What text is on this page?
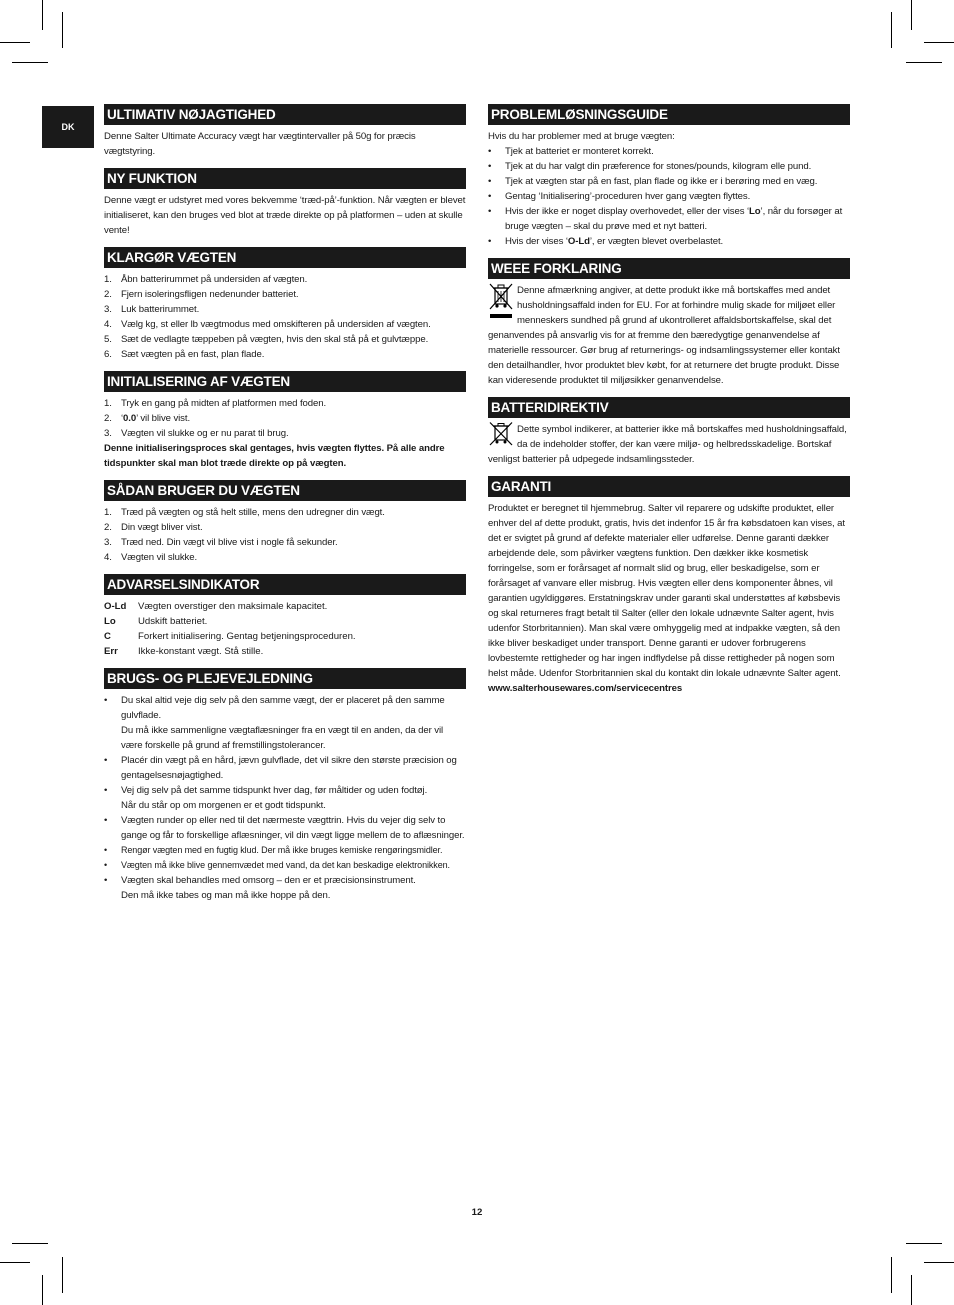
DK
ULTIMATIV NØJAGTIGHED

Denne Salter Ultimate Accuracy vægt har vægtintervaller på 50g for præcis vægtstyring.

NY FUNKTION

Denne vægt er udstyret med vores bekvemme ‘træd-på’-funktion. Når vægten er blevet initialiseret, kan den bruges ved blot at træde direkte op på platformen – uden at skulle vente!

KLARGØR VÆGTEN
1. Åbn batterirummet på undersiden af vægten.
2. Fjern isoleringsfligen nedenunder batteriet.
3. Luk batterirummet.
4. Vælg kg, st eller lb vægtmodus med omskifteren på undersiden af vægten.
5. Sæt de vedlagte tæppeben på vægten, hvis den skal stå på et gulvtæppe.
6. Sæt vægten på en fast, plan flade.
INITIALISERING AF VÆGTEN
1. Tryk en gang på midten af platformen med foden.
2. ‘0.0’ vil blive vist.
3. Vægten vil slukke og er nu parat til brug.

Denne initialiseringsproces skal gentages, hvis vægten flyttes. På alle andre tidspunkter skal man blot træde direkte op på vægten.

SÅDAN BRUGER DU VÆGTEN
1. Træd på vægten og stå helt stille, mens den udregner din vægt.
2. Din vægt bliver vist.
3. Træd ned. Din vægt vil blive vist i nogle få sekunder.
4. Vægten vil slukke.
ADVARSELSINDIKATOR
O-Ld	Vægten overstiger den maksimale kapacitet.
Lo	Udskift batteriet.
C	Forkert initialisering. Gentag betjeningsproceduren.
Err	Ikke-konstant vægt. Stå stille.
BRUGS- OG PLEJEVEJLEDNING
• Du skal altid veje dig selv på den samme vægt, der er placeret på den samme gulvflade.
Du må ikke sammenligne vægtaflæsninger fra en vægt til en anden, da der vil være forskelle på grund af fremstillingstolerancer.
• Placér din vægt på en hård, jævn gulvflade, det vil sikre den største præcision og gentagelsesnøjagtighed.
• Vej dig selv på det samme tidspunkt hver dag, før måltider og uden fodtøj.
Når du står op om morgenen er et godt tidspunkt.
• Vægten runder op eller ned til det nærmeste vægttrin. Hvis du vejer dig selv to gange og får to forskellige aflæsninger, vil din vægt ligge mellem de to aflæsninger.
• Rengør vægten med en fugtig klud. Der må ikke bruges kemiske rengøringsmidler.
• Vægten må ikke blive gennemvædet med vand, da det kan beskadige elektronikken.
• Vægten skal behandles med omsorg – den er et præcisionsinstrument.
Den må ikke tabes og man må ikke hoppe på den.
PROBLEMLØSNINGSGUIDE

Hvis du har problemer med at bruge vægten:

• Tjek at batteriet er monteret korrekt.
• Tjek at du har valgt din præference for stones/pounds, kilogram elle pund.
• Tjek at vægten star på en fast, plan flade og ikke er i berøring med en væg.
• Gentag ‘Initialisering’-proceduren hver gang vægten flyttes.
• Hvis der ikke er noget display overhovedet, eller der vises ‘Lo’, når du forsøger at bruge vægten – skal du prøve med et nyt batteri.
• Hvis der vises ‘O-Ld’, er vægten blevet overbelastet.
WEEE FORKLARING
Denne afmærkning angiver, at dette produkt ikke må bortskaffes med andet husholdningsaffald inden for EU. For at forhindre mulig skade for miljøet eller menneskers sundhed på grund af ukontrolleret affaldsbortskaffelse, skal det genanvendes på ansvarlig vis for at fremme den bæredygtige genanvendelse af materielle ressourcer. Gør brug af returnerings- og indsamlingssystemer eller kontakt den detailhandler, hvor produktet blev købt, for at returnere det brugte produkt. Disse kan videresende produktet til miljøsikker genanvendelse.
BATTERIDIREKTIV
Dette symbol indikerer, at batterier ikke må bortskaffes med husholdningsaffald, da de indeholder stoffer, der kan være miljø- og helbredsskadelige. Bortskaf venligst batterier på udpegede indsamlingssteder.
GARANTI

Produktet er beregnet til hjemmebrug. Salter vil reparere og udskifte produktet, eller enhver del af dette produkt, gratis, hvis det indenfor 15 år fra købsdatoen kan vises, at det er svigtet på grund af defekte materialer eller udførelse. Denne garanti dækker arbejdende dele, som påvirker vægtens funktion. Den dækker ikke kosmetisk forringelse, som er forårsaget af normalt slid og brug, eller beskadigelse, som er forårsaget af vanvare eller misbrug. Hvis vægten eller dens komponenter åbnes, vil garantien ugyldiggøres. Erstatningskrav under garanti skal understøttes af købsbevis og skal returneres fragt betalt til Salter (eller den lokale udnævnte Salter agent, hvis udenfor Storbritannien). Man skal være omhyggelig med at indpakke vægten, så den ikke bliver beskadiget under transport. Denne garanti er udover forbrugerens lovbestemte rettigheder og har ingen indflydelse på disse rettigheder på nogen som helst måde. Udenfor Storbritannien skal du kontakt din lokale udnævnte Salter agent.

www.salterhousewares.com/servicecentres

12
